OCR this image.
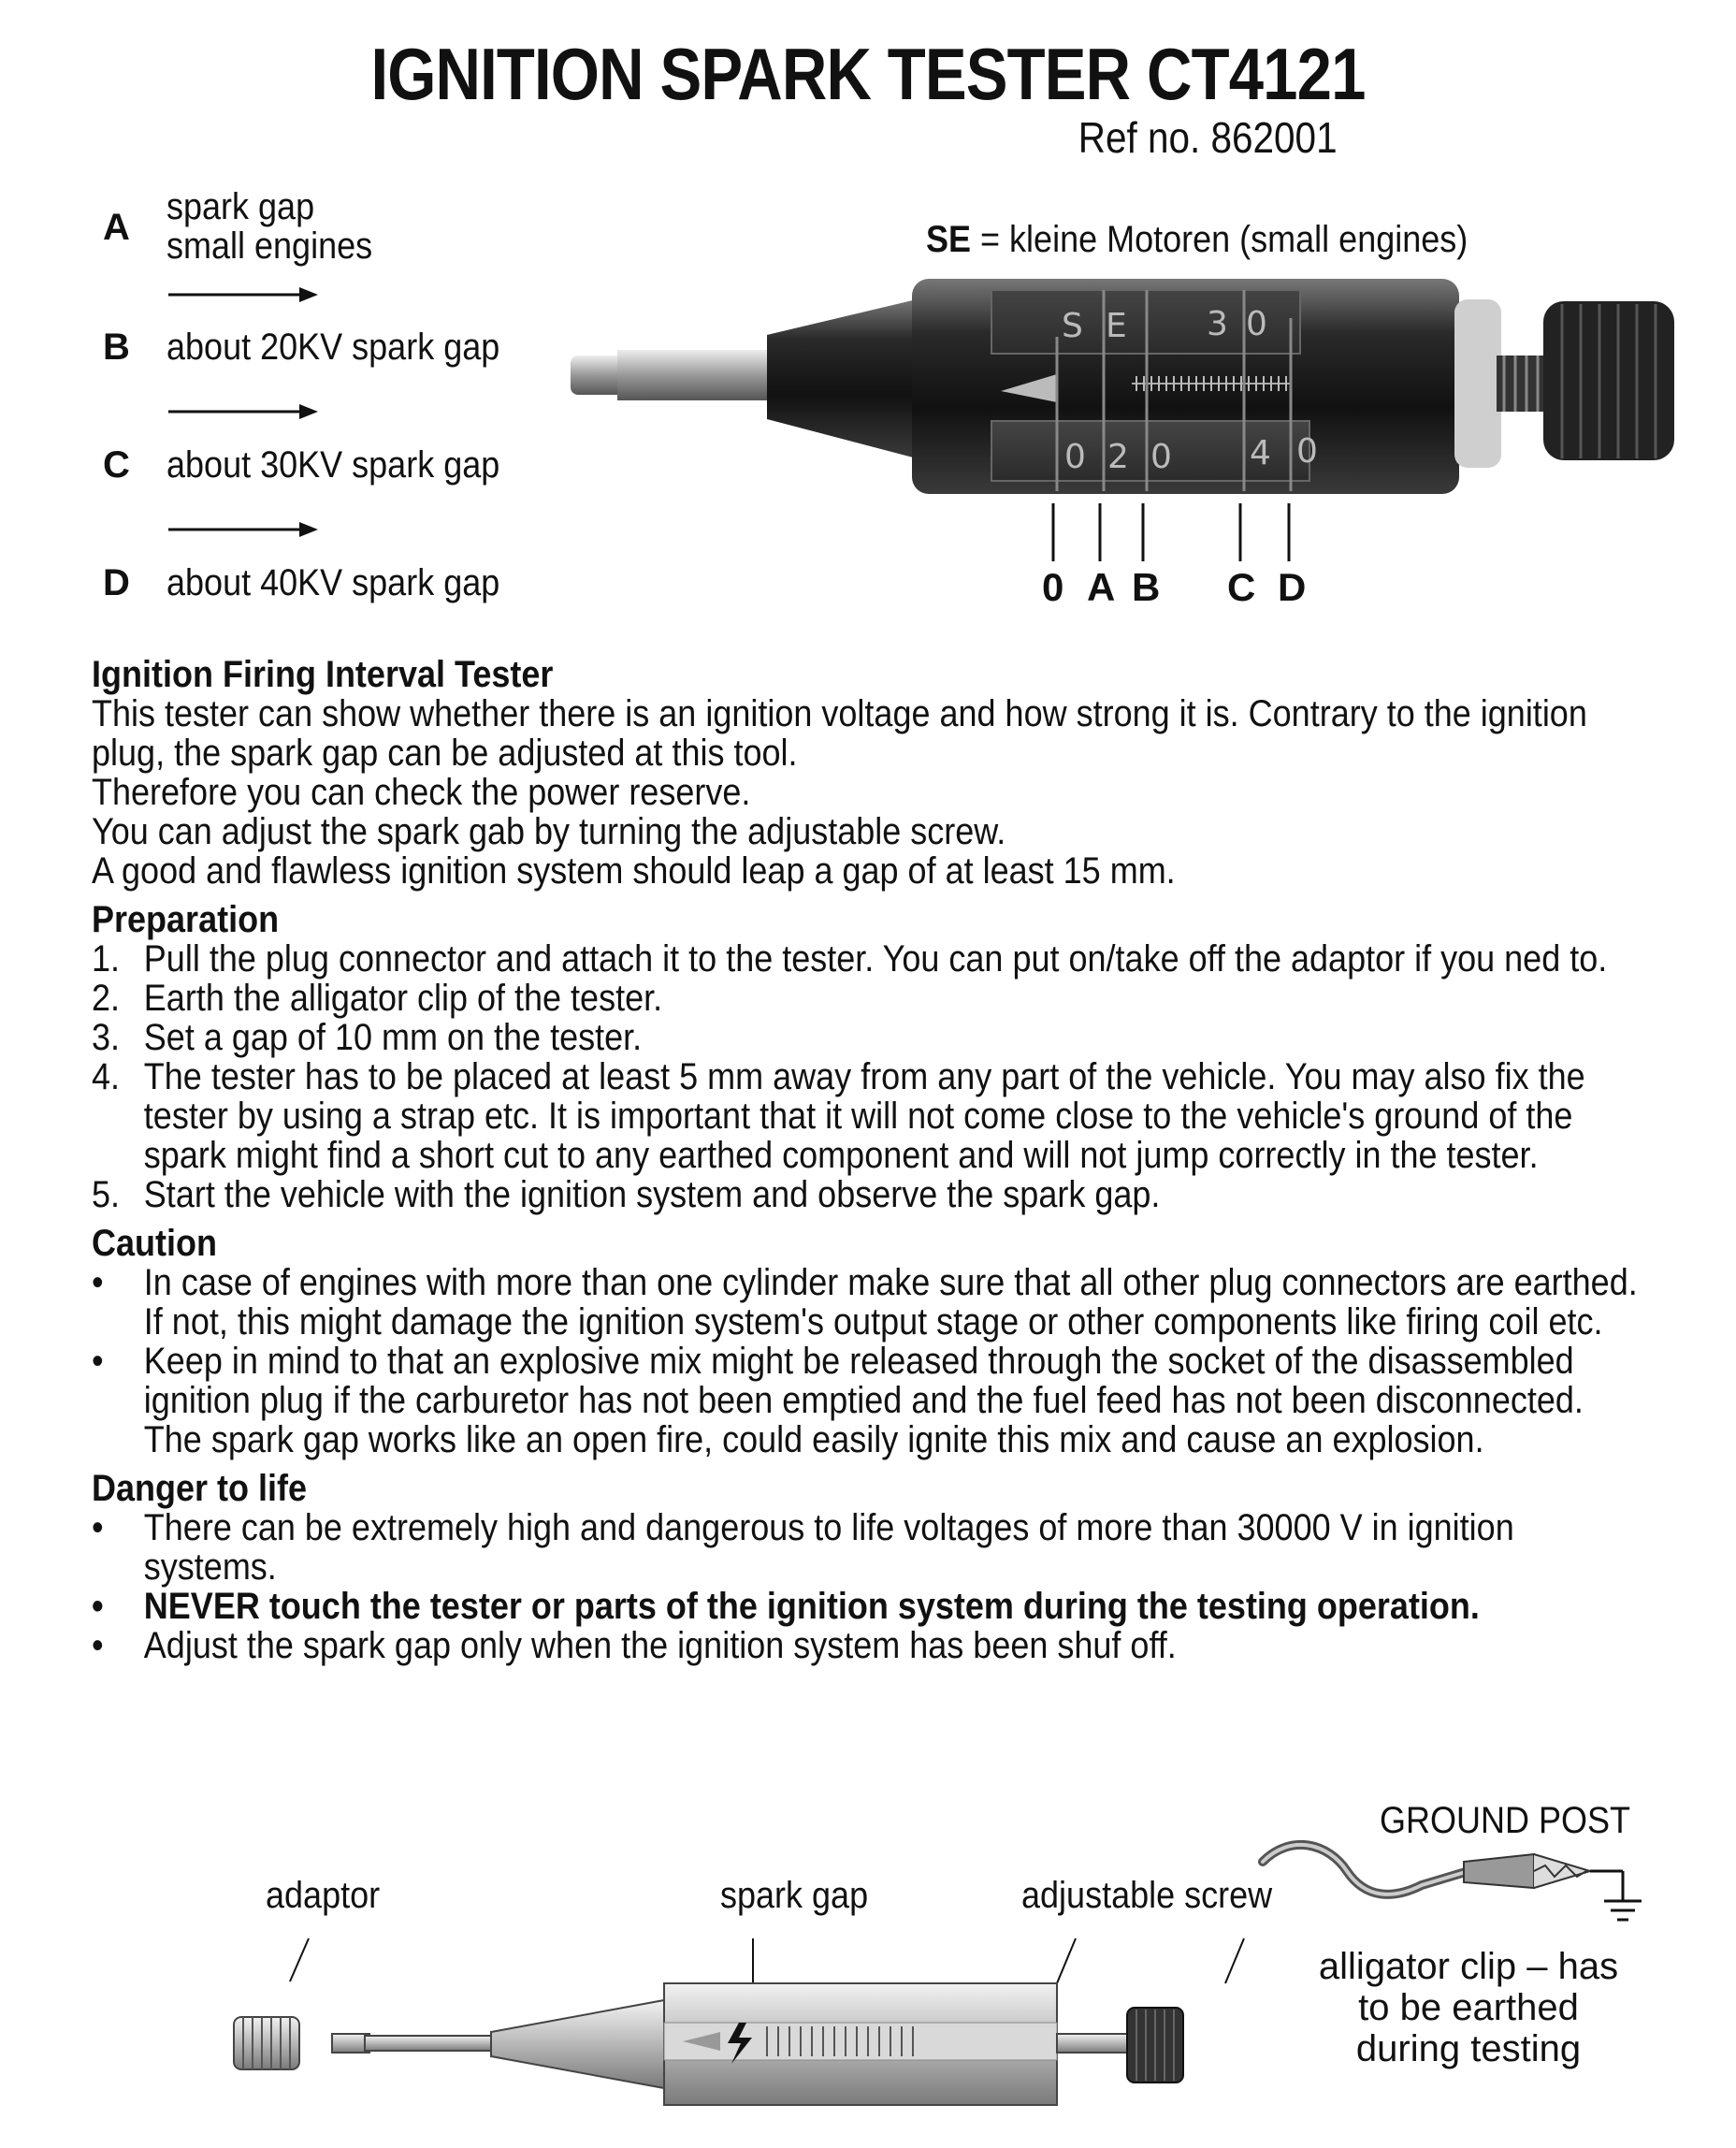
IGNITION SPARK TESTER CT4121
Ref no. 862001
A spark gap
small engines
B about 20KV spark gap
C about 30KV spark gap
D about 40KV spark gap
SE = kleine Motoren (small engines)
S E 3 0
0 2 0 4 0
0 A B C D
Ignition Firing Interval Tester
This tester can show whether there is an ignition voltage and how strong it is. Contrary to the ignition
plug, the spark gap can be adjusted at this tool.
Therefore you can check the power reserve.
You can adjust the spark gab by turning the adjustable screw.
A good and flawless ignition system should leap a gap of at least 15 mm.
Preparation
1. Pull the plug connector and attach it to the tester. You can put on/take off the adaptor if you ned to.
2. Earth the alligator clip of the tester.
3. Set a gap of 10 mm on the tester.
4. The tester has to be placed at least 5 mm away from any part of the vehicle. You may also fix the tester by using a strap etc. It is important that it will not come close to the vehicle's ground of the spark might find a short cut to any earthed component and will not jump correctly in the tester.
5. Start the vehicle with the ignition system and observe the spark gap.
Caution
• In case of engines with more than one cylinder make sure that all other plug connectors are earthed. If not, this might damage the ignition system's output stage or other components like firing coil etc.
• Keep in mind to that an explosive mix might be released through the socket of the disassembled ignition plug if the carburetor has not been emptied and the fuel feed has not been disconnected. The spark gap works like an open fire, could easily ignite this mix and cause an explosion.
Danger to life
• There can be extremely high and dangerous to life voltages of more than 30000 V in ignition systems.
• NEVER touch the tester or parts of the ignition system during the testing operation.
• Adjust the spark gap only when the ignition system has been shuf off.
GROUND POST
adaptor	spark gap	adjustable screw
alligator clip – has
to be earthed
during testing
